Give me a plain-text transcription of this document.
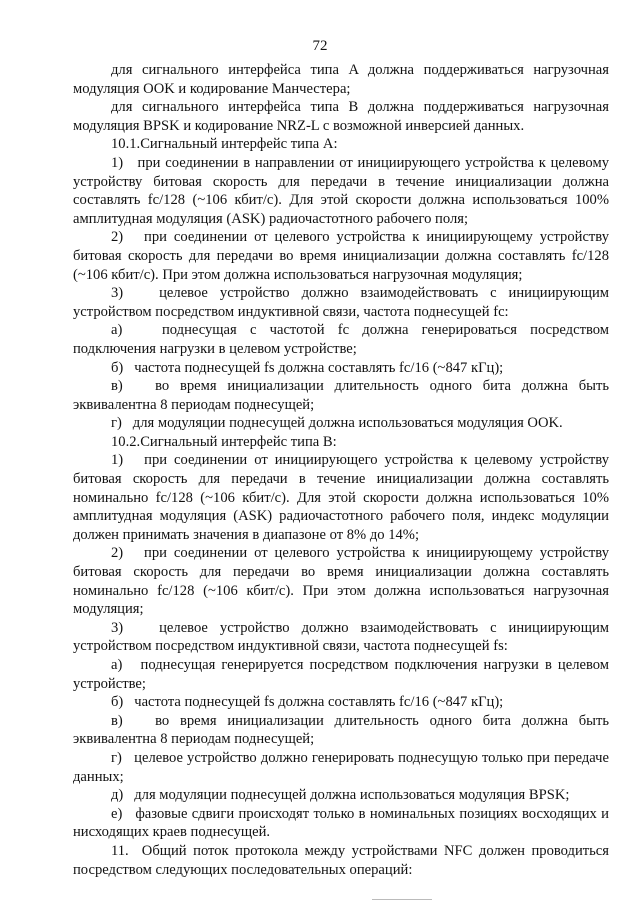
72

для сигнального интерфейса типа A должна поддерживаться нагрузочная модуляция OOK и кодирование Манчестера;

для сигнального интерфейса типа B должна поддерживаться нагрузочная модуляция BPSK и кодирование NRZ-L с возможной инверсией данных.

10.1.Сигнальный интерфейс типа A:

1)   при соединении в направлении от инициирующего устройства к целевому устройству битовая скорость для передачи в течение инициализации должна составлять fc/128 (~106 кбит/с). Для этой скорости должна использоваться 100% амплитудная модуляция (ASK) радиочастотного рабочего поля;

2)   при соединении от целевого устройства к инициирующему устройству битовая скорость для передачи во время инициализации должна составлять fc/128 (~106 кбит/с). При этом должна использоваться нагрузочная модуляция;

3)   целевое устройство должно взаимодействовать с инициирующим устройством посредством индуктивной связи, частота поднесущей fc:

а)   поднесущая с частотой fc должна генерироваться посредством подключения нагрузки в целевом устройстве;

б)   частота поднесущей fs должна составлять fc/16 (~847 кГц);

в)   во время инициализации длительность одного бита должна быть эквивалентна 8 периодам поднесущей;

г)   для модуляции поднесущей должна использоваться модуляция OOK.

10.2.Сигнальный интерфейс типа B:

1)   при соединении от инициирующего устройства к целевому устройству битовая скорость для передачи в течение инициализации должна составлять номинально fc/128 (~106 кбит/с). Для этой скорости должна использоваться 10% амплитудная модуляция (ASK) радиочастотного рабочего поля, индекс модуляции должен принимать значения в диапазоне от 8% до 14%;

2)   при соединении от целевого устройства к инициирующему устройству битовая скорость для передачи во время инициализации должна составлять номинально fc/128 (~106 кбит/с). При этом должна использоваться нагрузочная модуляция;

3)   целевое устройство должно взаимодействовать с инициирующим устройством посредством индуктивной связи, частота поднесущей fs:

а)   поднесущая генерируется посредством подключения нагрузки в целевом устройстве;

б)   частота поднесущей fs должна составлять fc/16 (~847 кГц);

в)   во время инициализации длительность одного бита должна быть эквивалентна 8 периодам поднесущей;

г)   целевое устройство должно генерировать поднесущую только при передаче данных;

д)   для модуляции поднесущей должна использоваться модуляция BPSK;

е)   фазовые сдвиги происходят только в номинальных позициях восходящих и нисходящих краев поднесущей.

11.  Общий поток протокола между устройствами NFC должен проводиться посредством следующих последовательных операций:
